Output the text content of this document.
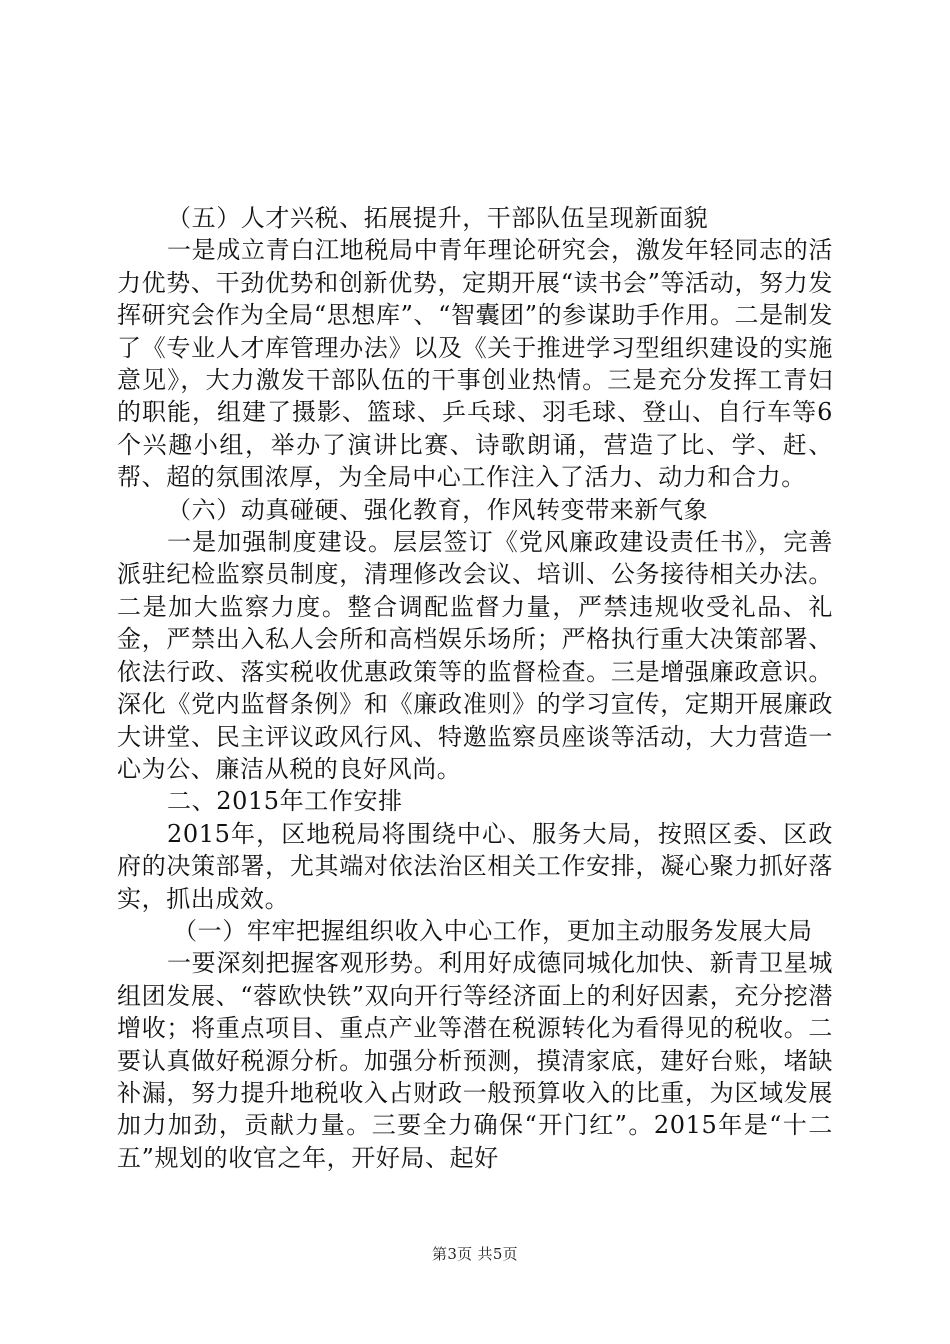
（五）人才兴税、拓展提升，干部队伍呈现新面貌

一是成立青白江地税局中青年理论研究会，激发年轻同志的活力优势、干劲优势和创新优势，定期开展“读书会”等活动，努力发挥研究会作为全局“思想库”、“智囊团”的参谋助手作用。二是制发了《专业人才库管理办法》以及《关于推进学习型组织建设的实施意见》，大力激发干部队伍的干事创业热情。三是充分发挥工青妇的职能，组建了摄影、篮球、乒乓球、羽毛球、登山、自行车等6个兴趣小组，举办了演讲比赛、诗歌朗诵，营造了比、学、赶、帮、超的氛围浓厚，为全局中心工作注入了活力、动力和合力。

（六）动真碰硬、强化教育，作风转变带来新气象

一是加强制度建设。层层签订《党风廉政建设责任书》，完善派驻纪检监察员制度，清理修改会议、培训、公务接待相关办法。二是加大监察力度。整合调配监督力量，严禁违规收受礼品、礼金，严禁出入私人会所和高档娱乐场所；严格执行重大决策部署、依法行政、落实税收优惠政策等的监督检查。三是增强廉政意识。深化《党内监督条例》和《廉政准则》的学习宣传，定期开展廉政大讲堂、民主评议政风行风、特邀监察员座谈等活动，大力营造一心为公、廉洁从税的良好风尚。

二、2015年工作安排

2015年，区地税局将围绕中心、服务大局，按照区委、区政府的决策部署，尤其端对依法治区相关工作安排，凝心聚力抓好落实，抓出成效。

（一）牢牢把握组织收入中心工作，更加主动服务发展大局

一要深刻把握客观形势。利用好成德同城化加快、新青卫星城组团发展、“蓉欧快铁”双向开行等经济面上的利好因素，充分挖潜增收；将重点项目、重点产业等潜在税源转化为看得见的税收。二要认真做好税源分析。加强分析预测，摸清家底，建好台账，堵缺补漏，努力提升地税收入占财政一般预算收入的比重，为区域发展加力加劲，贡献力量。三要全力确保“开门红”。2015年是“十二五”规划的收官之年，开好局、起好

第3页 共5页
